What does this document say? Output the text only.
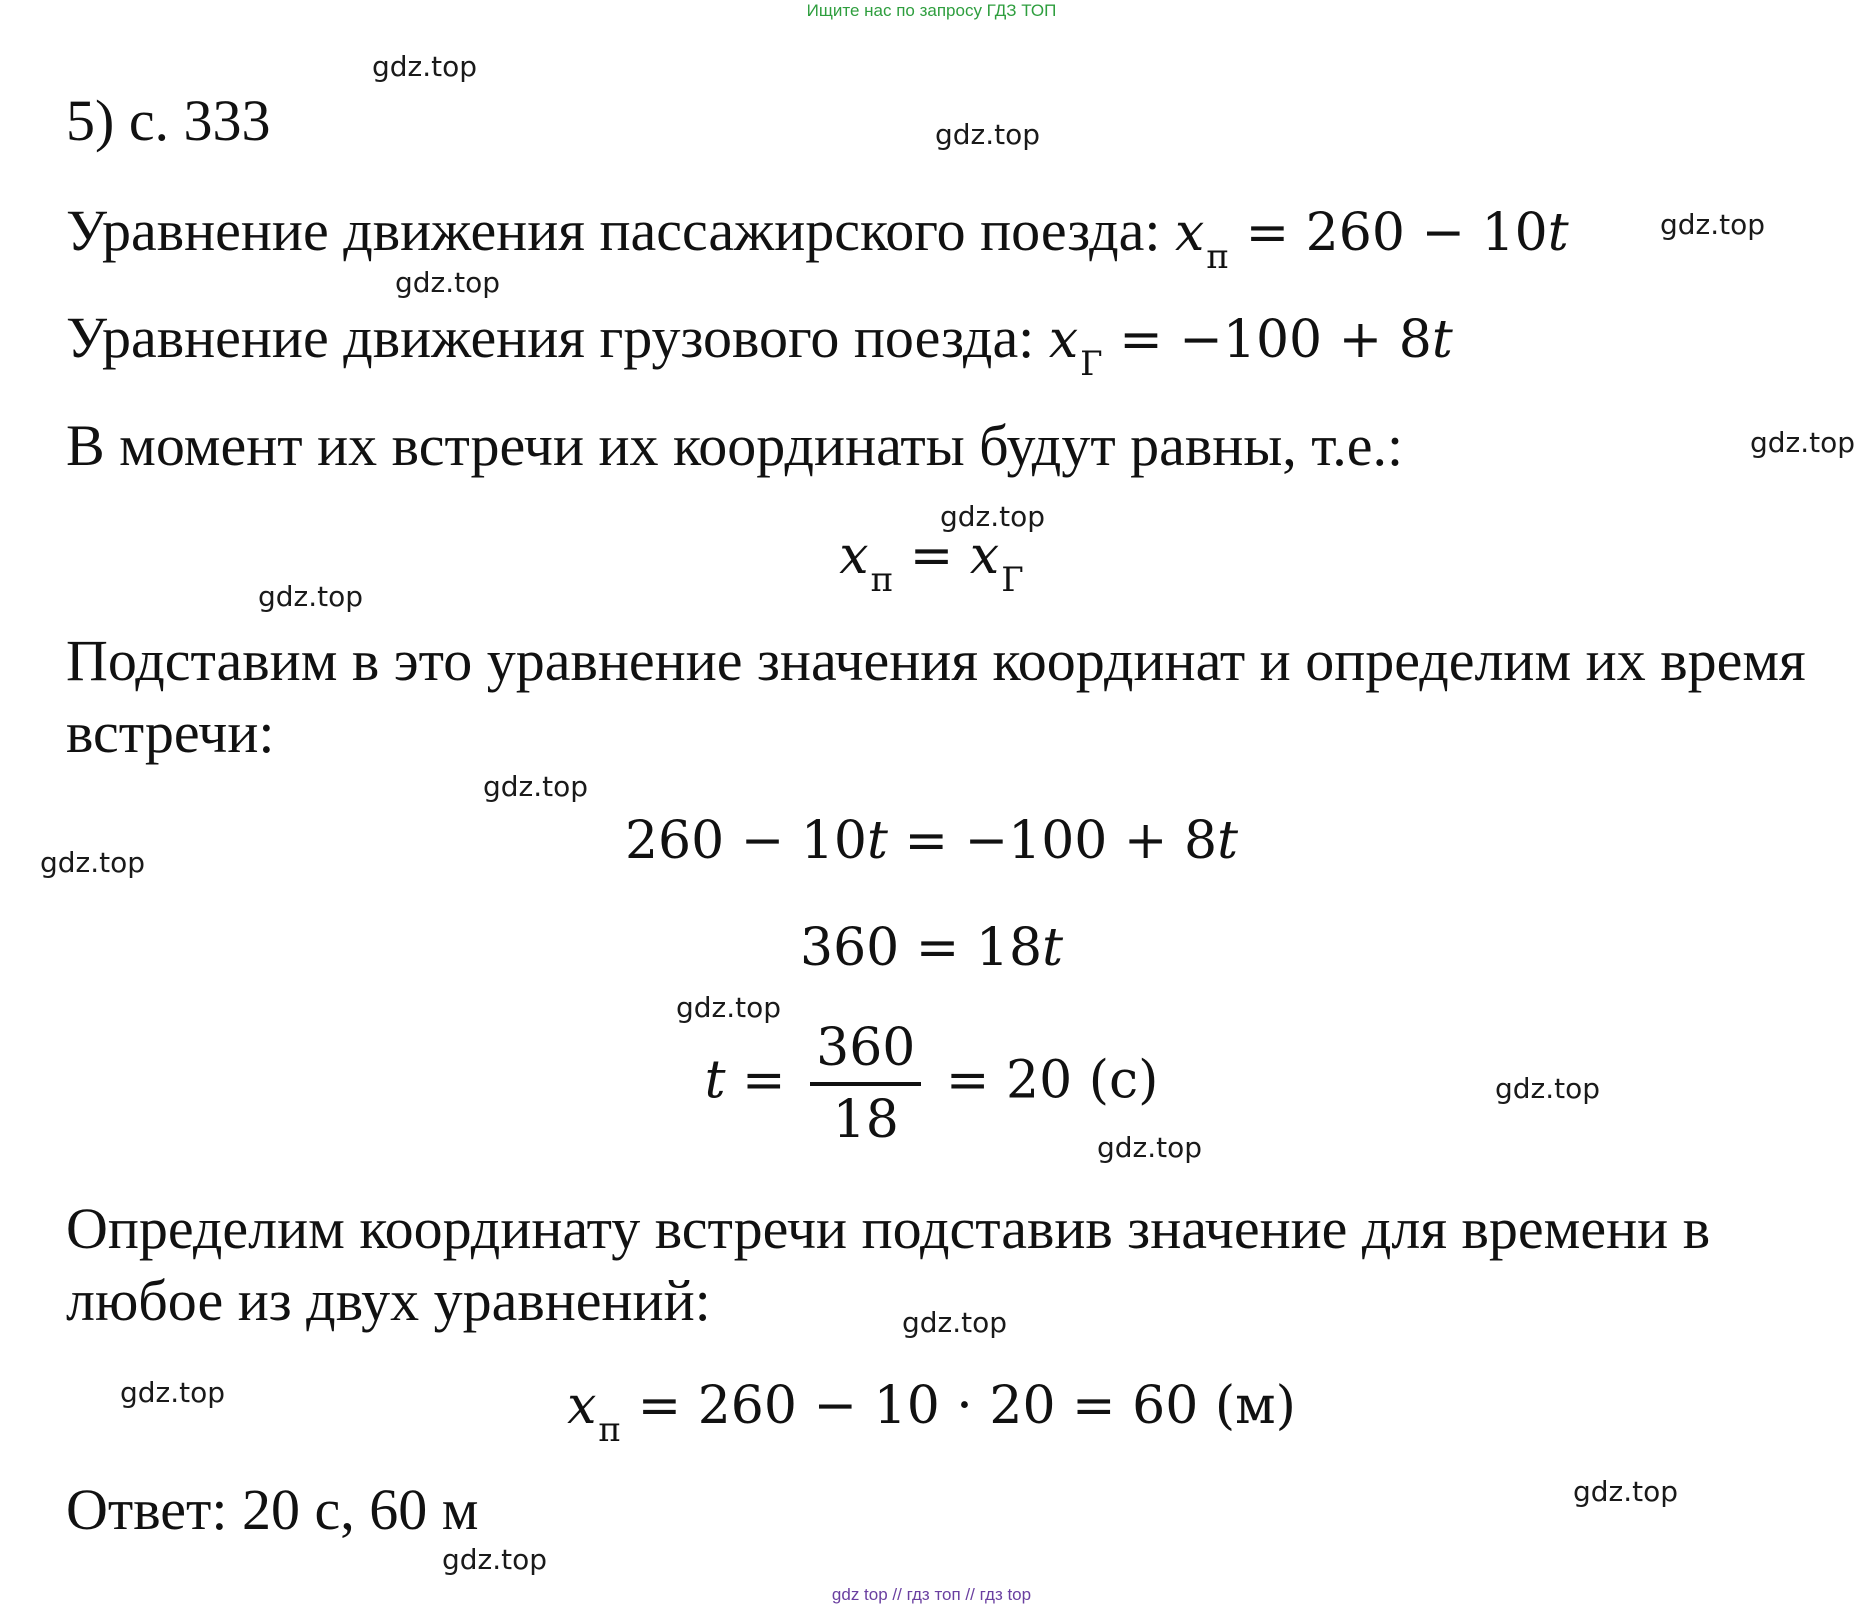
Ищите нас по запросу ГДЗ ТОП
gdz.top
gdz.top
gdz.top
gdz.top
gdz.top
gdz.top
gdz.top
gdz.top
gdz.top
gdz.top
gdz.top
gdz.top
gdz.top
gdz.top
gdz.top
gdz.top
5) с. 333
Уравнение движения пассажирского поезда: $x_п = 260 - 10t$
Уравнение движения грузового поезда: $x_Г = -100 + 8t$
В момент их встречи их координаты будут равны, т.е.:
$x_п = x_Г$
Подставим в это уравнение значения координат и определим их время
встречи:
260 − 10t = −100 + 8t
360 = 18t
$t = \frac{360}{18} = 20$ (с)
Определим координату встречи подставив значение для времени в
любое из двух уравнений:
$x_п = 260 - 10 \cdot 20 = 60$ (м)
Ответ: 20 с, 60 м
gdz top // гдз топ // гдз top
